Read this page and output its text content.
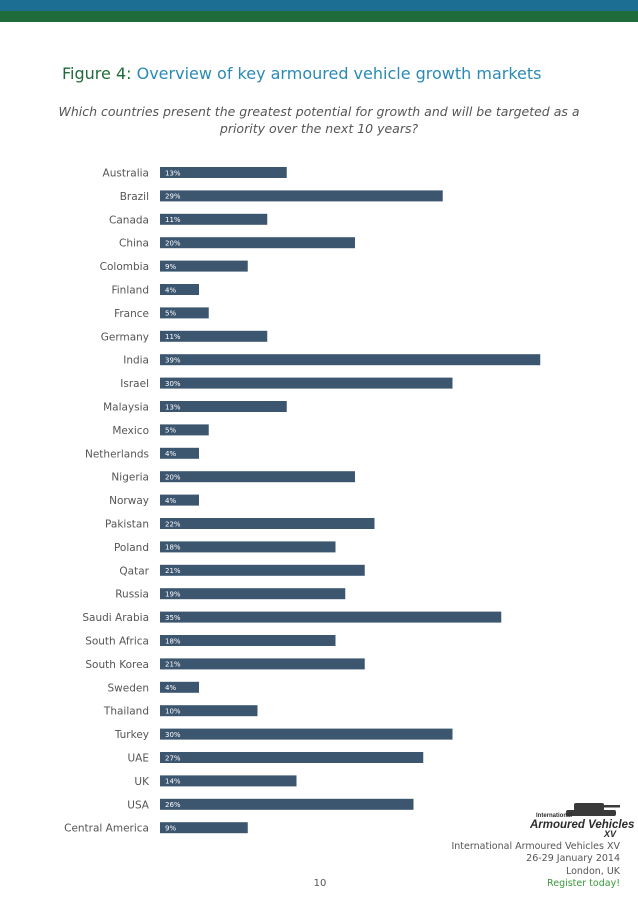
Figure 4: Overview of key armoured vehicle growth markets
Which countries present the greatest potential for growth and will be targeted as a priority over the next 10 years?
Australia 13%
Brazil 29%
Canada 11%
China 20%
Colombia 9%
Finland 4%
France 5%
Germany 11%
India 39%
Israel 30%
Malaysia 13%
Mexico 5%
Netherlands 4%
Nigeria 20%
Norway 4%
Pakistan 22%
Poland 18%
Qatar 21%
Russia 19%
Saudi Arabia 35%
South Africa 18%
South Korea 21%
Sweden 4%
Thailand 10%
Turkey 30%
UAE 27%
UK 14%
USA 26%
Central America 9%
International
Armoured Vehicles
XV
International Armoured Vehicles XV
26-29 January 2014
London, UK
Register today!
10
